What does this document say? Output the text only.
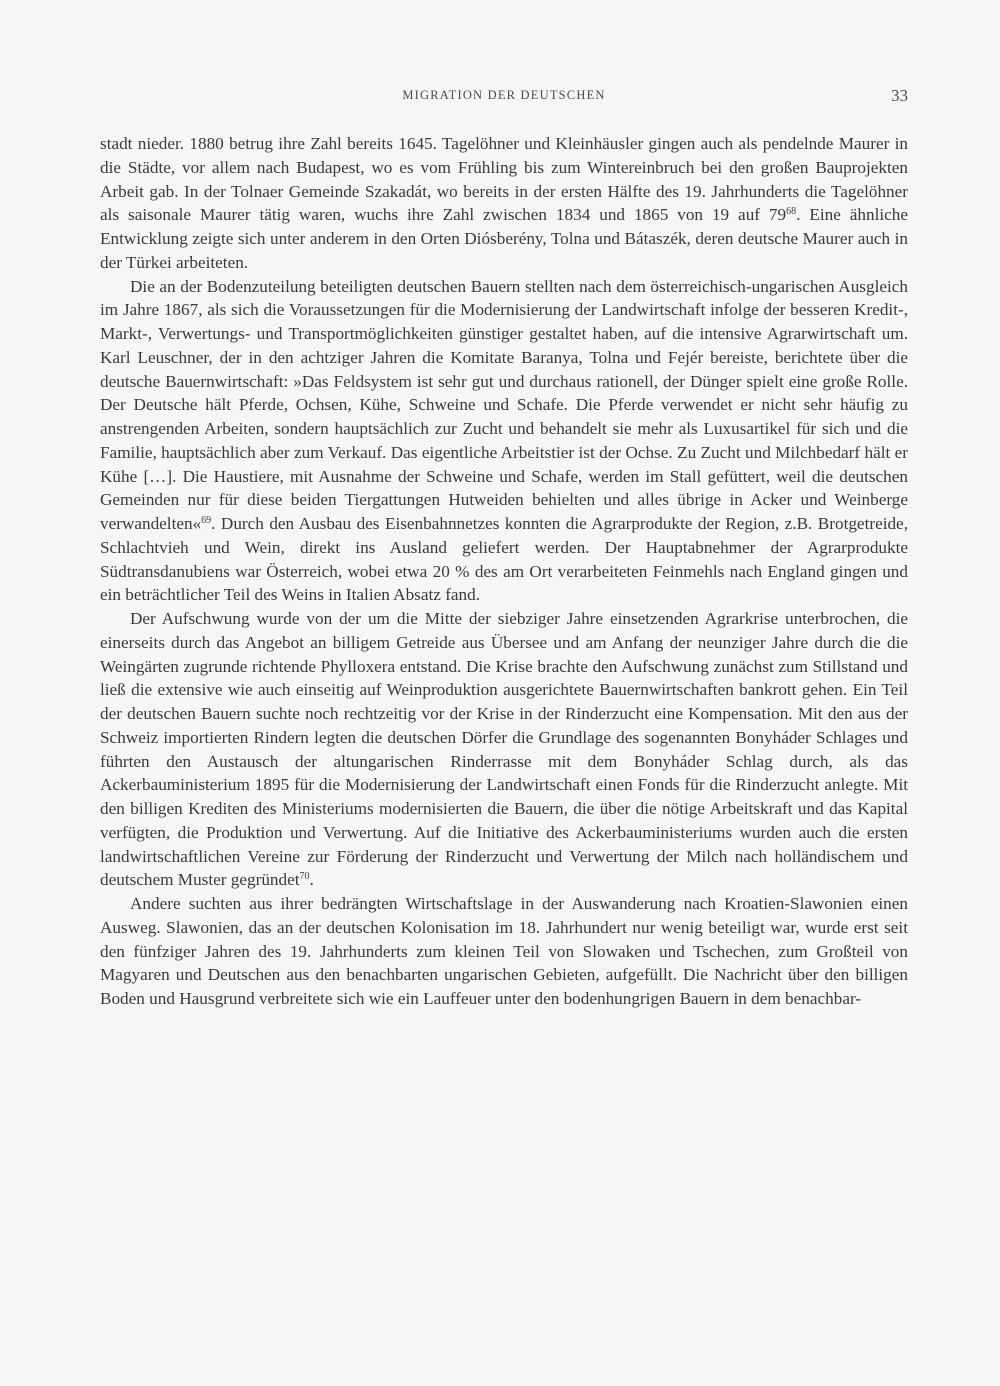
MIGRATION DER DEUTSCHEN	33

stadt nieder. 1880 betrug ihre Zahl bereits 1645. Tagelöhner und Kleinhäusler gingen auch als pendelnde Maurer in die Städte, vor allem nach Budapest, wo es vom Frühling bis zum Wintereinbruch bei den großen Bauprojekten Arbeit gab. In der Tolnaer Gemeinde Szakadát, wo bereits in der ersten Hälfte des 19. Jahrhunderts die Tagelöhner als saisonale Maurer tätig waren, wuchs ihre Zahl zwischen 1834 und 1865 von 19 auf $79^{68}$. Eine ähnliche Entwicklung zeigte sich unter anderem in den Orten Diósberény, Tolna und Bátaszék, deren deutsche Maurer auch in der Türkei arbeiteten.

Die an der Bodenzuteilung beteiligten deutschen Bauern stellten nach dem österreichisch-ungarischen Ausgleich im Jahre 1867, als sich die Voraussetzungen für die Modernisierung der Landwirtschaft infolge der besseren Kredit-, Markt-, Verwertungs- und Transportmöglichkeiten günstiger gestaltet haben, auf die intensive Agrarwirtschaft um. Karl Leuschner, der in den achtziger Jahren die Komitate Baranya, Tolna und Fejér bereiste, berichtete über die deutsche Bauernwirtschaft: »Das Feldsystem ist sehr gut und durchaus rationell, der Dünger spielt eine große Rolle. Der Deutsche hält Pferde, Ochsen, Kühe, Schweine und Schafe. Die Pferde verwendet er nicht sehr häufig zu anstrengenden Arbeiten, sondern hauptsächlich zur Zucht und behandelt sie mehr als Luxusartikel für sich und die Familie, hauptsächlich aber zum Verkauf. Das eigentliche Arbeitstier ist der Ochse. Zu Zucht und Milchbedarf hält er Kühe […]. Die Haustiere, mit Ausnahme der Schweine und Schafe, werden im Stall gefüttert, weil die deutschen Gemeinden nur für diese beiden Tiergattungen Hutweiden behielten und alles übrige in Acker und Weinberge verwandelten«$^{69}$. Durch den Ausbau des Eisenbahnnetzes konnten die Agrarprodukte der Region, z.B. Brotgetreide, Schlachtvieh und Wein, direkt ins Ausland geliefert werden. Der Hauptabnehmer der Agrarprodukte Südtransdanubiens war Österreich, wobei etwa 20 % des am Ort verarbeiteten Feinmehls nach England gingen und ein beträchtlicher Teil des Weins in Italien Absatz fand.

Der Aufschwung wurde von der um die Mitte der siebziger Jahre einsetzenden Agrarkrise unterbrochen, die einerseits durch das Angebot an billigem Getreide aus Übersee und am Anfang der neunziger Jahre durch die die Weingärten zugrunde richtende Phylloxera entstand. Die Krise brachte den Aufschwung zunächst zum Stillstand und ließ die extensive wie auch einseitig auf Weinproduktion ausgerichtete Bauernwirtschaften bankrott gehen. Ein Teil der deutschen Bauern suchte noch rechtzeitig vor der Krise in der Rinderzucht eine Kompensation. Mit den aus der Schweiz importierten Rindern legten die deutschen Dörfer die Grundlage des sogenannten Bonyháder Schlages und führten den Austausch der altungarischen Rinderrasse mit dem Bonyháder Schlag durch, als das Ackerbauministerium 1895 für die Modernisierung der Landwirtschaft einen Fonds für die Rinderzucht anlegte. Mit den billigen Krediten des Ministeriums modernisierten die Bauern, die über die nötige Arbeitskraft und das Kapital verfügten, die Produktion und Verwertung. Auf die Initiative des Ackerbauministeriums wurden auch die ersten landwirtschaftlichen Vereine zur Förderung der Rinderzucht und Verwertung der Milch nach holländischem und deutschem Muster gegründet$^{70}$.

Andere suchten aus ihrer bedrängten Wirtschaftslage in der Auswanderung nach Kroatien-Slawonien einen Ausweg. Slawonien, das an der deutschen Kolonisation im 18. Jahrhundert nur wenig beteiligt war, wurde erst seit den fünfziger Jahren des 19. Jahrhunderts zum kleinen Teil von Slowaken und Tschechen, zum Großteil von Magyaren und Deutschen aus den benachbarten ungarischen Gebieten, aufgefüllt. Die Nachricht über den billigen Boden und Hausgrund verbreitete sich wie ein Lauffeuer unter den bodenhungrigen Bauern in dem benachbar-
